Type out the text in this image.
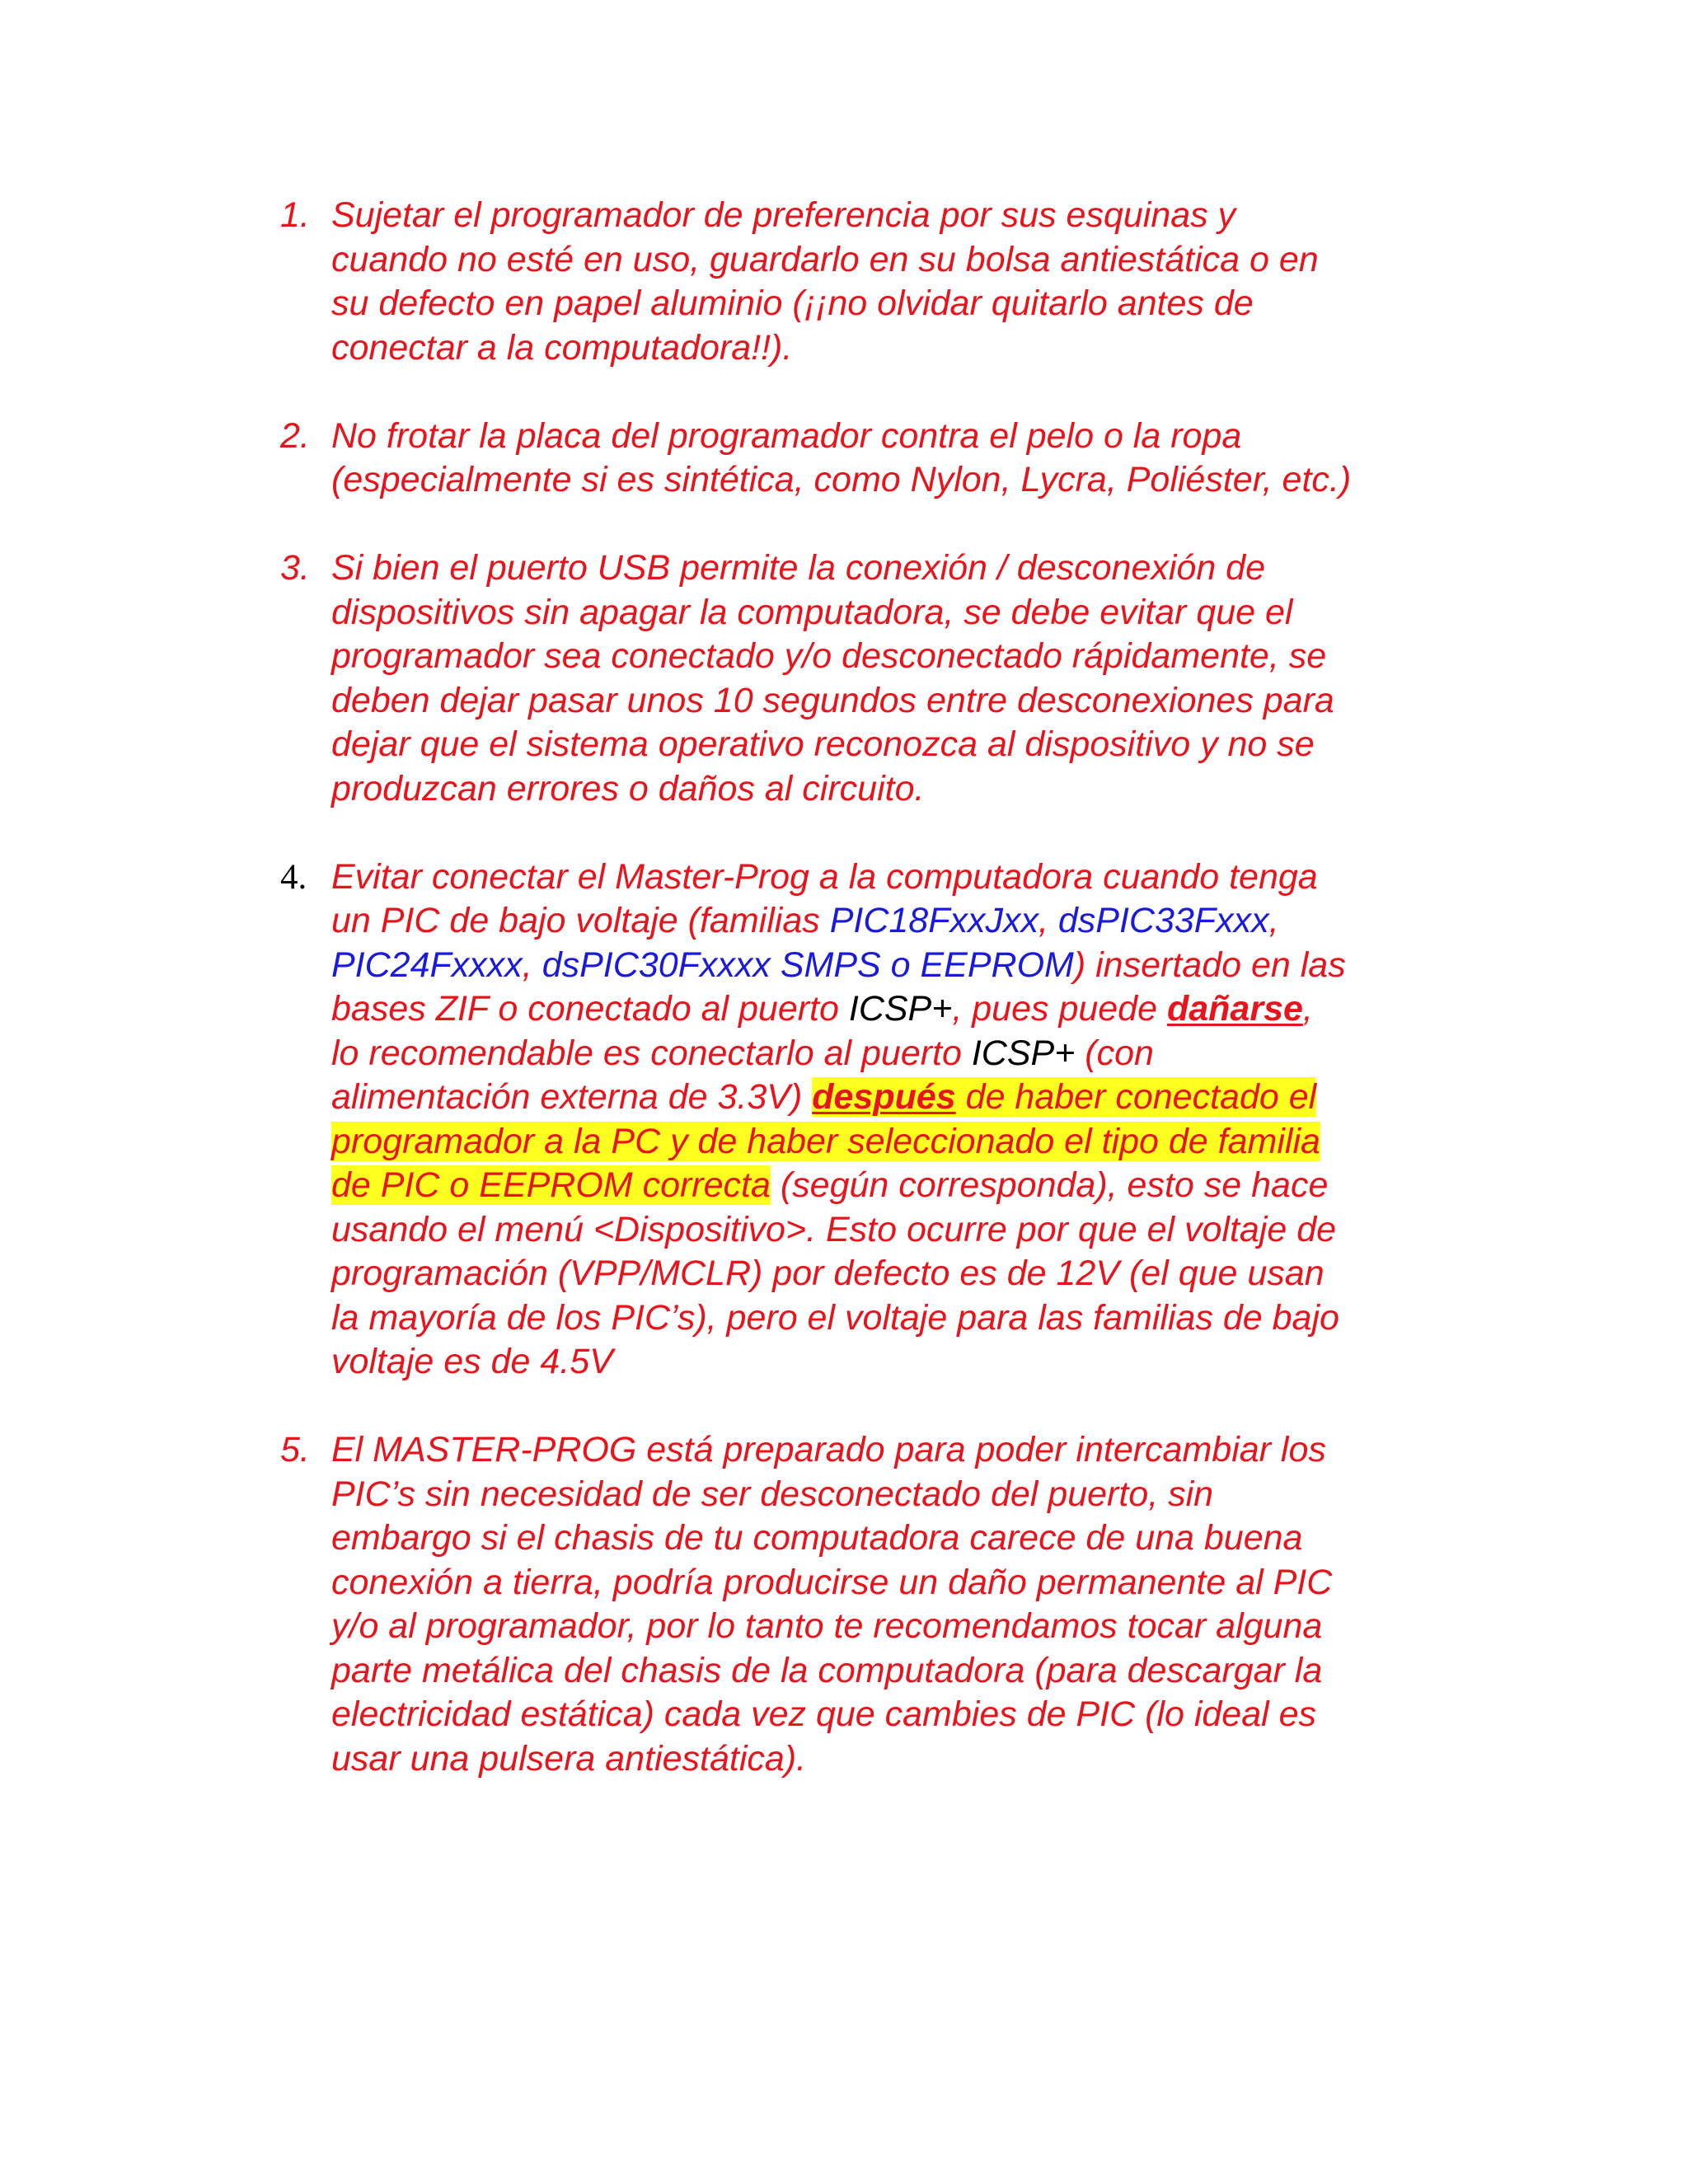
1. Sujetar el programador de preferencia por sus esquinas y
cuando no esté en uso, guardarlo en su bolsa antiestática o en
su defecto en papel aluminio (¡¡no olvidar quitarlo antes de
conectar a la computadora!!).
2. No frotar la placa del programador contra el pelo o la ropa
(especialmente si es sintética, como Nylon, Lycra, Poliéster, etc.)
3. Si bien el puerto USB permite la conexión / desconexión de
dispositivos sin apagar la computadora, se debe evitar que el
programador sea conectado y/o desconectado rápidamente, se
deben dejar pasar unos 10 segundos entre desconexiones para
dejar que el sistema operativo reconozca al dispositivo y no se
produzcan errores o daños al circuito.
4. Evitar conectar el Master-Prog a la computadora cuando tenga
un PIC de bajo voltaje (familias PIC18FxxJxx, dsPIC33Fxxx,
PIC24Fxxxx, dsPIC30Fxxxx SMPS o EEPROM) insertado en las
bases ZIF o conectado al puerto ICSP+, pues puede dañarse,
lo recomendable es conectarlo al puerto ICSP+ (con
alimentación externa de 3.3V) después de haber conectado el
programador a la PC y de haber seleccionado el tipo de familia
de PIC o EEPROM correcta (según corresponda), esto se hace
usando el menú <Dispositivo>. Esto ocurre por que el voltaje de
programación (VPP/MCLR) por defecto es de 12V (el que usan
la mayoría de los PIC’s), pero el voltaje para las familias de bajo
voltaje es de 4.5V
5. El MASTER-PROG está preparado para poder intercambiar los
PIC’s sin necesidad de ser desconectado del puerto, sin
embargo si el chasis de tu computadora carece de una buena
conexión a tierra, podría producirse un daño permanente al PIC
y/o al programador, por lo tanto te recomendamos tocar alguna
parte metálica del chasis de la computadora (para descargar la
electricidad estática) cada vez que cambies de PIC (lo ideal es
usar una pulsera antiestática).
